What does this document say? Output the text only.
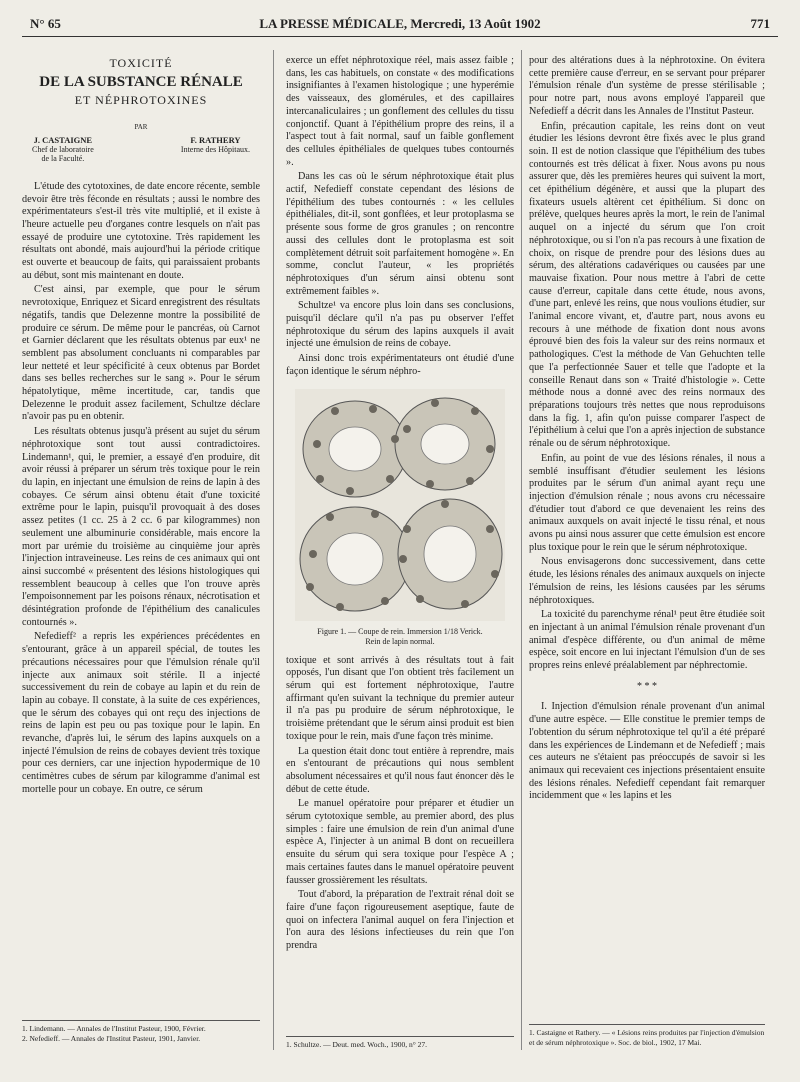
N° 65	LA PRESSE MÉDICALE, Mercredi, 13 Août 1902	771
TOXICITÉ
DE LA SUBSTANCE RÉNALE
ET NÉPHROTOXINES
PAR
J. CASTAIGNE
Chef de laboratoire
de la Faculté.
F. RATHERY
Interne des Hôpitaux.

L'étude des cytotoxines, de date encore récente, semble devoir être très féconde en résultats ; aussi le nombre des expérimentateurs s'est-il très vite multiplié, et il existe à l'heure actuelle peu d'organes contre lesquels on n'ait pas essayé de produire une cytotoxine. Très rapidement les résultats ont abondé, mais aujourd'hui la période critique est ouverte et beaucoup de faits, qui paraissaient probants au début, sont mis maintenant en doute.

C'est ainsi, par exemple, que pour le sérum nevrotoxique, Enriquez et Sicard enregistrent des résultats négatifs, tandis que Delezenne montre la possibilité de produire ce sérum. De même pour le pancréas, où Carnot et Garnier déclarent que les résultats obtenus par eux¹ ne semblent pas absolument concluants ni comparables par leur netteté et leur spécificité à ceux obtenus par Bordet dans ses belles recherches sur le sang ». Pour le sérum hépatolytique, même incertitude, car, tandis que Delezenne le produit assez facilement, Schultze déclare n'avoir pas pu en obtenir.

Les résultats obtenus jusqu'à présent au sujet du sérum néphrotoxique sont tout aussi contradictoires. Lindemann¹, qui, le premier, a essayé d'en produire, dit avoir réussi à préparer un sérum très toxique pour le rein du lapin, en injectant une émulsion de reins de lapin à des cobayes. Ce sérum ainsi obtenu était d'une toxicité extrême pour le lapin, puisqu'il provoquait à des doses assez petites (1 cc. 25 à 2 cc. 6 par kilogrammes) non seulement une albuminurie considérable, mais encore la mort par urémie du troisième au cinquième jour après l'injection intraveineuse. Les reins de ces animaux qui ont ainsi succombé « présentent des lésions histologiques qui ressemblent beaucoup à celles que l'on trouve après l'empoisonnement par les poisons rénaux, nécrotisation et désintégration profonde de l'épithélium des canalicules contournés ».

Nefedieff² a repris les expériences précédentes en s'entourant, grâce à un appareil spécial, de toutes les précautions nécessaires pour que l'émulsion rénale qu'il injecte aux animaux soit stérile. Il a injecté successivement du rein de cobaye au lapin et du rein de lapin au cobaye. Il constate, à la suite de ces expériences, que le sérum des cobayes qui ont reçu des injections de reins de lapin est peu ou pas toxique pour le lapin. En revanche, d'après lui, le sérum des lapins auxquels on a injecté l'émulsion de reins de cobayes devient très toxique pour ces derniers, car une injection hypodermique de 10 centimètres cubes de sérum par kilogramme d'animal est mortelle pour un cobaye. En outre, ce sérum

1. Lindemann. — Annales de l'Institut Pasteur, 1900, Février.
2. Nefedieff. — Annales de l'Institut Pasteur, 1901, Janvier.

exerce un effet néphrotoxique réel, mais assez faible ; dans, les cas habituels, on constate « des modifications insignifiantes à l'examen histologique ; une hyperémie des vaisseaux, des glomérules, et des capillaires intercanaliculaires ; un gonflement des cellules du tissu conjonctif. Quant à l'épithélium propre des reins, il a l'aspect tout à fait normal, sauf un faible gonflement des cellules épithéliales de quelques tubes contournés ».

Dans les cas où le sérum néphrotoxique était plus actif, Nefedieff constate cependant des lésions de l'épithélium des tubes contournés : « les cellules épithéliales, dit-il, sont gonflées, et leur protoplasma se présente sous forme de gros granules ; on rencontre aussi des cellules dont le protoplasma est soit complètement détruit soit parfaitement homogène ». En somme, conclut l'auteur, « les propriétés néphrotoxiques d'un sérum ainsi obtenu sont extrêmement faibles ».

Schultze¹ va encore plus loin dans ses conclusions, puisqu'il déclare qu'il n'a pas pu observer l'effet néphrotoxique du sérum des lapins auxquels il avait injecté une émulsion de reins de cobaye.

Ainsi donc trois expérimentateurs ont étudié d'une façon identique le sérum néphro-

Figure 1. — Coupe de rein. Immersion 1/18 Verick.
Rein de lapin normal.

toxique et sont arrivés à des résultats tout à fait opposés, l'un disant que l'on obtient très facilement un sérum qui est fortement néphrotoxique, l'autre affirmant qu'en suivant la technique du premier auteur il n'a pas pu produire de sérum néphrotoxique, le troisième prétendant que le sérum ainsi produit est bien toxique pour le rein, mais d'une façon très minime.

La question était donc tout entière à reprendre, mais en s'entourant de précautions qui nous semblent absolument nécessaires et qu'il nous faut énoncer dès le début de cette étude.

Le manuel opératoire pour préparer et étudier un sérum cytotoxique semble, au premier abord, des plus simples : faire une émulsion de rein d'un animal d'une espèce A, l'injecter à un animal B dont on recueillera ensuite du sérum qui sera toxique pour l'espèce A ; mais certaines fautes dans le manuel opératoire peuvent fausser grossièrement les résultats.

Tout d'abord, la préparation de l'extrait rénal doit se faire d'une façon rigoureusement aseptique, faute de quoi on infectera l'animal auquel on fera l'injection et l'on aura des lésions infectieuses du rein que l'on prendra

1. Schultze. — Deut. med. Woch., 1900, n° 27.

pour des altérations dues à la néphrotoxine. On évitera cette première cause d'erreur, en se servant pour préparer l'émulsion rénale d'un système de presse stérilisable ; pour notre part, nous avons employé l'appareil que Nefedieff a décrit dans les Annales de l'Institut Pasteur.

Enfin, précaution capitale, les reins dont on veut étudier les lésions devront être fixés avec le plus grand soin. Il est de notion classique que l'épithélium des tubes contournés est très délicat à fixer. Nous avons pu nous assurer que, dès les premières heures qui suivent la mort, cet épithélium dégénère, et aussi que la plupart des fixateurs usuels altèrent cet épithélium. Si donc on prélève, quelques heures après la mort, le rein de l'animal auquel on a injecté du sérum que l'on croit néphrotoxique, ou si l'on n'a pas recours à une fixation de choix, on risque de prendre pour des lésions dues au sérum, des altérations cadavériques ou causées par une mauvaise fixation. Pour nous mettre à l'abri de cette cause d'erreur, capitale dans cette étude, nous avons, d'une part, enlevé les reins, que nous voulions étudier, sur l'animal encore vivant, et, d'autre part, nous avons eu recours à une méthode de fixation dont nous avons éprouvé bien des fois la valeur sur des reins normaux et pathologiques. C'est la méthode de Van Gehuchten telle que l'a perfectionnée Sauer et telle que l'adopte et la conseille Renaut dans son « Traité d'histologie ». Cette méthode nous a donné avec des reins normaux des préparations toujours très nettes que nous reproduisons dans la fig. 1, afin qu'on puisse comparer l'aspect de l'épithélium à celui que l'on a après injection de substance rénale ou de sérum néphrotoxique.

Enfin, au point de vue des lésions rénales, il nous a semblé insuffisant d'étudier seulement les lésions produites par le sérum d'un animal ayant reçu une injection d'émulsion rénale ; nous avons cru nécessaire d'étudier tout d'abord ce que devenaient les reins des animaux auxquels on avait injecté le tissu rénal, et nous avons pu ainsi nous assurer que cette émulsion est encore plus toxique pour le rein que le sérum néphrotoxique.

Nous envisagerons donc successivement, dans cette étude, les lésions rénales des animaux auxquels on injecte l'émulsion de reins, les lésions causées par les sérums néphrotoxiques.

La toxicité du parenchyme rénal¹ peut être étudiée soit en injectant à un animal l'émulsion rénale provenant d'un animal d'espèce différente, ou d'un animal de même espèce, soit encore en lui injectant l'émulsion d'un de ses propres reins enlevé préalablement par néphrectomie.

* * *

I. Injection d'émulsion rénale provenant d'un animal d'une autre espèce. — Elle constitue le premier temps de l'obtention du sérum néphrotoxique tel qu'il a été préparé dans les expériences de Lindemann et de Nefedieff ; mais ces auteurs ne s'étaient pas préoccupés de savoir si les animaux qui recevaient ces injections présentaient ensuite des lésions rénales. Nefedieff cependant fait remarquer incidemment que « les lapins et les

1. Castaigne et Rathery. — « Lésions reins produites par l'injection d'émulsion et de sérum néphrotoxique ». Soc. de biol., 1902, 17 Mai.
